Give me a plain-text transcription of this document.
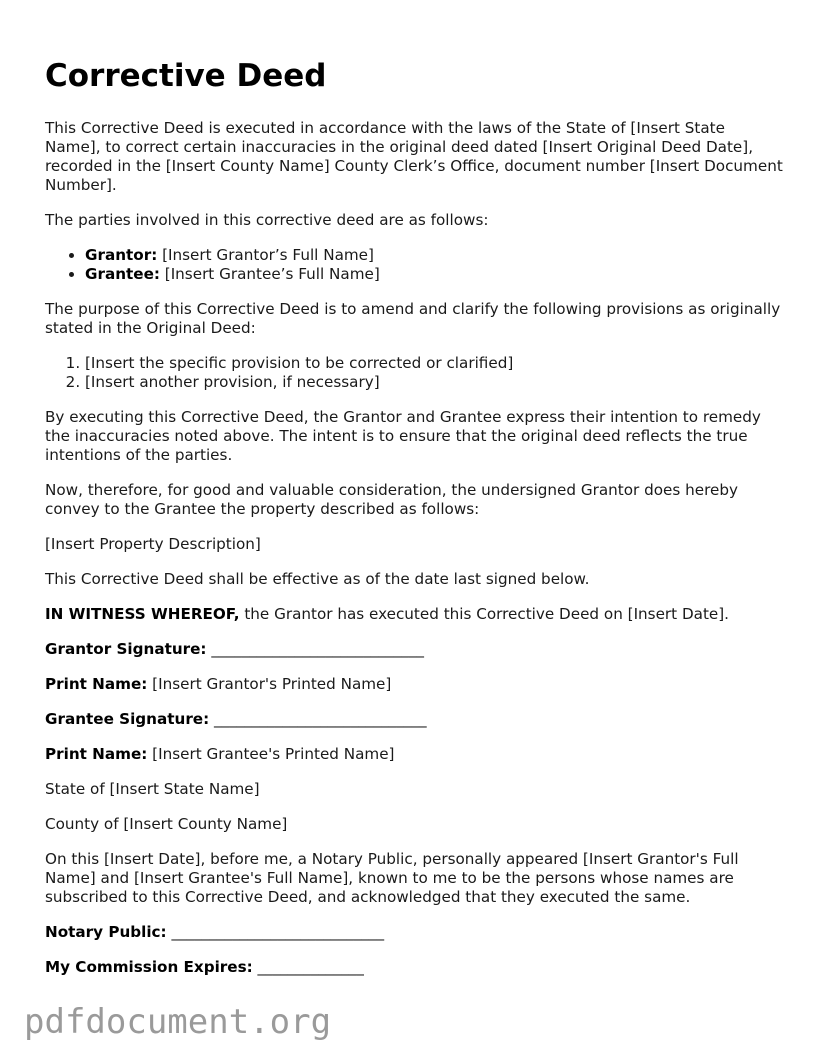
Corrective Deed

This Corrective Deed is executed in accordance with the laws of the State of [Insert State Name], to correct certain inaccuracies in the original deed dated [Insert Original Deed Date], recorded in the [Insert County Name] County Clerk’s Office, document number [Insert Document Number].

The parties involved in this corrective deed are as follows:

• Grantor: [Insert Grantor’s Full Name]
• Grantee: [Insert Grantee’s Full Name]

The purpose of this Corrective Deed is to amend and clarify the following provisions as originally stated in the Original Deed:

1. [Insert the specific provision to be corrected or clarified]
2. [Insert another provision, if necessary]

By executing this Corrective Deed, the Grantor and Grantee express their intention to remedy the inaccuracies noted above. The intent is to ensure that the original deed reflects the true intentions of the parties.

Now, therefore, for good and valuable consideration, the undersigned Grantor does hereby convey to the Grantee the property described as follows:

[Insert Property Description]

This Corrective Deed shall be effective as of the date last signed below.

IN WITNESS WHEREOF, the Grantor has executed this Corrective Deed on [Insert Date].

Grantor Signature: ____________________________

Print Name: [Insert Grantor's Printed Name]

Grantee Signature: ____________________________

Print Name: [Insert Grantee's Printed Name]

State of [Insert State Name]

County of [Insert County Name]

On this [Insert Date], before me, a Notary Public, personally appeared [Insert Grantor's Full Name] and [Insert Grantee's Full Name], known to me to be the persons whose names are subscribed to this Corrective Deed, and acknowledged that they executed the same.

Notary Public: ____________________________

My Commission Expires: ______________

pdfdocument.org
